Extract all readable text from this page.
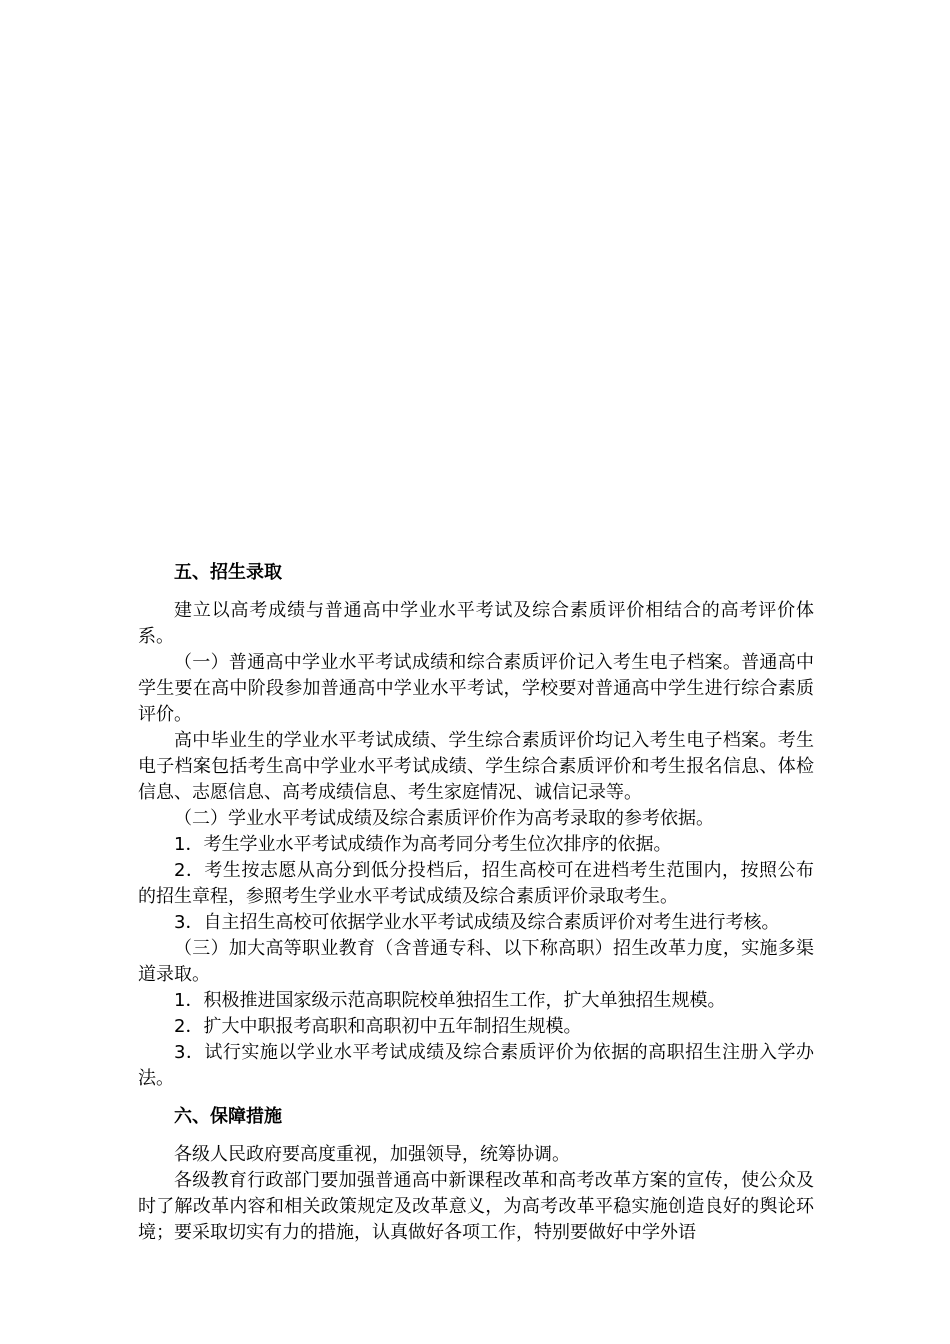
五、招生录取

建立以高考成绩与普通高中学业水平考试及综合素质评价相结合的高考评价体系。

（一）普通高中学业水平考试成绩和综合素质评价记入考生电子档案。普通高中学生要在高中阶段参加普通高中学业水平考试，学校要对普通高中学生进行综合素质评价。

高中毕业生的学业水平考试成绩、学生综合素质评价均记入考生电子档案。考生电子档案包括考生高中学业水平考试成绩、学生综合素质评价和考生报名信息、体检信息、志愿信息、高考成绩信息、考生家庭情况、诚信记录等。

（二）学业水平考试成绩及综合素质评价作为高考录取的参考依据。

1．考生学业水平考试成绩作为高考同分考生位次排序的依据。

2．考生按志愿从高分到低分投档后，招生高校可在进档考生范围内，按照公布的招生章程，参照考生学业水平考试成绩及综合素质评价录取考生。

3．自主招生高校可依据学业水平考试成绩及综合素质评价对考生进行考核。

（三）加大高等职业教育（含普通专科、以下称高职）招生改革力度，实施多渠道录取。

1．积极推进国家级示范高职院校单独招生工作，扩大单独招生规模。

2．扩大中职报考高职和高职初中五年制招生规模。

3．试行实施以学业水平考试成绩及综合素质评价为依据的高职招生注册入学办法。

六、保障措施

各级人民政府要高度重视，加强领导，统筹协调。

各级教育行政部门要加强普通高中新课程改革和高考改革方案的宣传，使公众及时了解改革内容和相关政策规定及改革意义，为高考改革平稳实施创造良好的舆论环境；要采取切实有力的措施，认真做好各项工作，特别要做好中学外语
